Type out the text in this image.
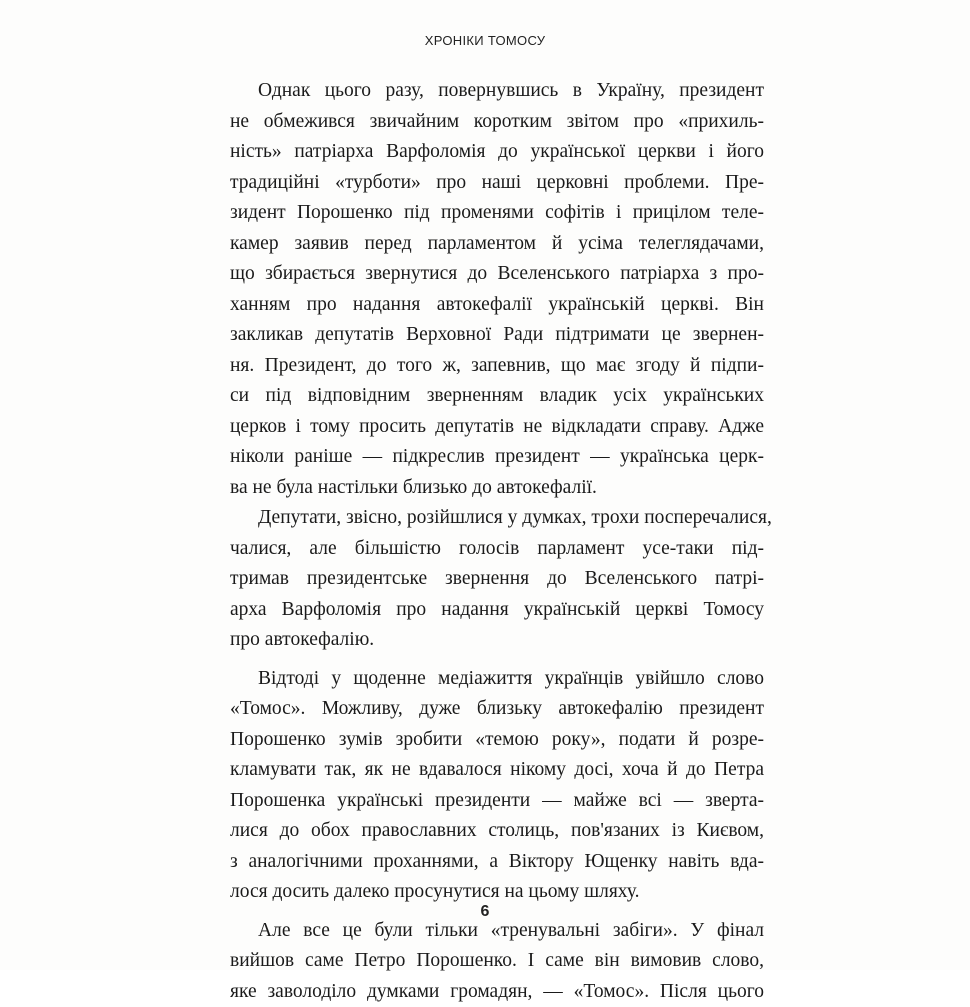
ХРОНІКИ ТОМОСУ
Однак цього разу, повернувшись в Україну, президент
не обмежився звичайним коротким звітом про «прихиль-
ність» патріарха Варфоломія до української церкви і його
традиційні «турботи» про наші церковні проблеми. Пре-
зидент Порошенко під променями софітів і прицілом теле-
камер заявив перед парламентом й усіма телеглядачами,
що збирається звернутися до Вселенського патріарха з про-
ханням про надання автокефалії українській церкві. Він
закликав депутатів Верховної Ради підтримати це звернен-
ня. Президент, до того ж, запевнив, що має згоду й підпи-
си під відповідним зверненням владик усіх українських
церков і тому просить депутатів не відкладати справу. Адже
ніколи раніше — підкреслив президент — українська церк-
ва не була настільки близько до автокефалії.
Депутати, звісно, розійшлися у думках, трохи посперечалися,
чалися, але більшістю голосів парламент усе-таки під-
тримав президентське звернення до Вселенського патрі-
арха Варфоломія про надання українській церкві Томосу
про автокефалію.
Відтоді у щоденне медіажиття українців увійшло слово
«Томос». Можливу, дуже близьку автокефалію президент
Порошенко зумів зробити «темою року», подати й розре-
кламувати так, як не вдавалося нікому досі, хоча й до Петра
Порошенка українські президенти — майже всі — зверта-
лися до обох православних столиць, пов'язаних із Києвом,
з аналогічними проханнями, а Віктору Ющенку навіть вда-
лося досить далеко просунутися на цьому шляху.
Але все це були тільки «тренувальні забіги». У фінал
вийшов саме Петро Порошенко. І саме він вимовив слово,
яке заволоділо думками громадян, — «Томос». Після цього
6
